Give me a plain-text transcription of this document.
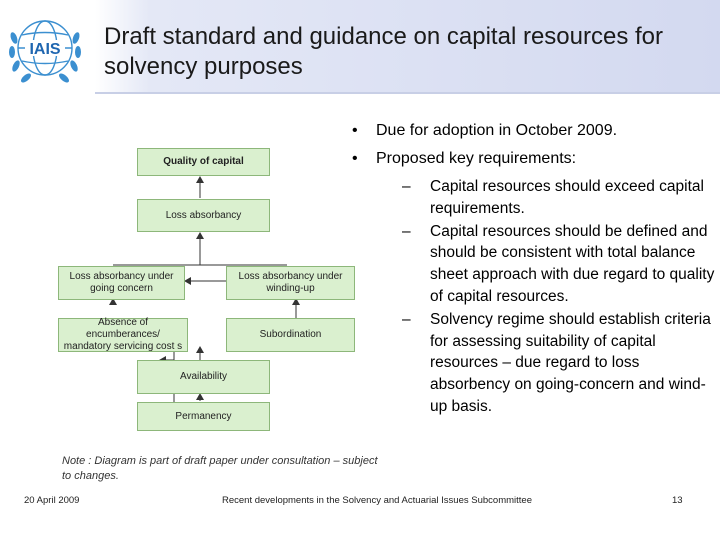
IAIS Draft standard and guidance on capital resources for solvency purposes
• Due for adoption in October 2009.
• Proposed key requirements:
– Capital resources should exceed capital requirements.
– Capital resources should be defined and should be consistent with total balance sheet approach with due regard to quality of capital resources.
– Solvency regime should establish criteria for assessing suitability of capital resources – due regard to loss absorbency on going-concern and wind-up basis.
Quality of capital
Loss absorbancy
Loss absorbancy under going concern
Loss absorbancy under winding-up
Absence of encumberances/ mandatory servicing cost s
Subordination
Availability
Permanency
Note : Diagram is part of draft paper under consultation – subject to changes.
20 April 2009	Recent developments in the Solvency and Actuarial Issues Subcommittee	13
